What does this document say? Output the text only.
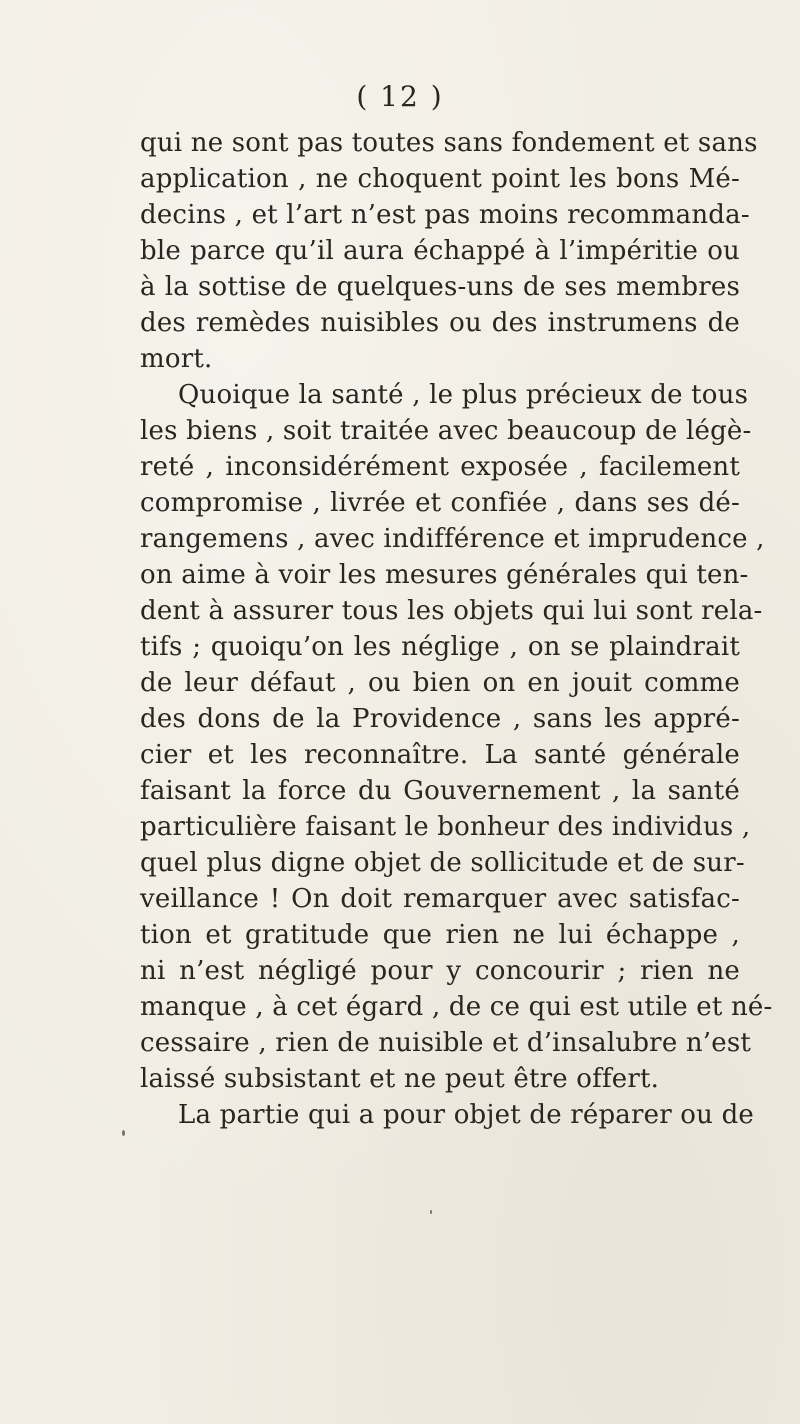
( 12 )
qui ne sont pas toutes sans fondement et sans
application , ne choquent point les bons Mé-
decins , et l’art n’est pas moins recommanda-
ble parce qu’il aura échappé à l’impéritie ou
à la sottise de quelques-uns de ses membres
des remèdes nuisibles ou des instrumens de
mort.
Quoique la santé , le plus précieux de tous
les biens , soit traitée avec beaucoup de légè-
reté , inconsidérément exposée , facilement
compromise , livrée et confiée , dans ses dé-
rangemens , avec indifférence et imprudence ,
on aime à voir les mesures générales qui ten-
dent à assurer tous les objets qui lui sont rela-
tifs ; quoiqu’on les néglige , on se plaindrait
de leur défaut , ou bien on en jouit comme
des dons de la Providence , sans les appré-
cier et les reconnaître. La santé générale
faisant la force du Gouvernement , la santé
particulière faisant le bonheur des individus ,
quel plus digne objet de sollicitude et de sur-
veillance ! On doit remarquer avec satisfac-
tion et gratitude que rien ne lui échappe ,
ni n’est négligé pour y concourir ; rien ne
manque , à cet égard , de ce qui est utile et né-
cessaire , rien de nuisible et d’insalubre n’est
laissé subsistant et ne peut être offert.
La partie qui a pour objet de réparer ou de
